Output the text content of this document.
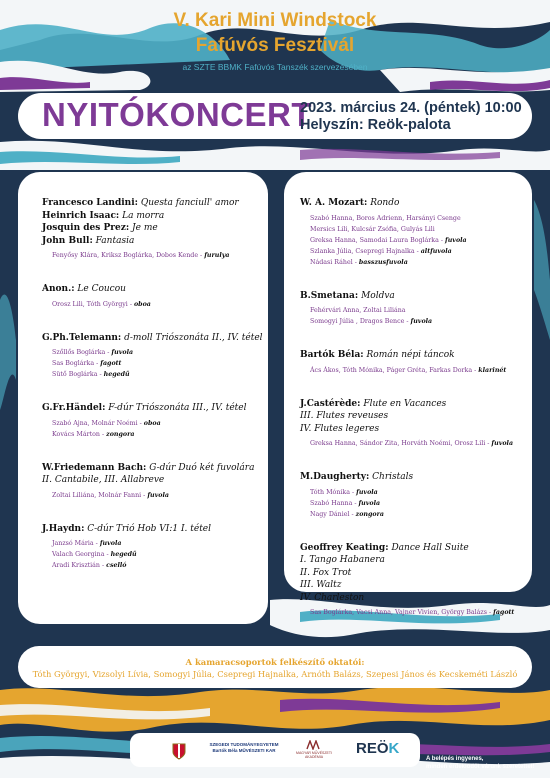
V. Kari Mini Windstock
Fafúvós Fesztivál
az SZTE BBMK Fafúvós Tanszék szervezésében
NYITÓKONCERT
2023. március 24. (péntek) 10:00
Helyszín: Reök-palota
Francesco Landini: Questa fanciull' amor
Heinrich Isaac: La morra
Josquin des Prez: Je me
John Bull: Fantasia
Fenyősy Klára, Kriksz Boglárka, Dobos Kende - furulya
Anon.: Le Coucou
Orosz Lili, Tóth Györgyi - oboa
G.Ph.Telemann: d-moll Triószonáta II., IV. tétel
Szőllős Boglárka - fuvola
Sas Boglárka - fagott
Sütő Boglárka - hegedű
G.Fr.Händel: F-dúr Triószonáta III., IV. tétel
Szabó Ajna, Molnár Noémi - oboa
Kovács Márton - zongora
W.Friedemann Bach: G-dúr Duó két fuvolára
II. Cantabile, III. Allabreve
Zoltai Liliána, Molnár Fanni - fuvola
J.Haydn: C-dúr Trió Hob VI:1 I. tétel
Janzsó Mária - fuvola
Valach Georgina - hegedű
Aradi Krisztián - cselló
W. A. Mozart: Rondo
Szabó Hanna, Boros Adrienn, Harsányi Csenge
Mersics Lili, Kulcsár Zsófia, Gulyás Lili
Greksa Hanna, Samodai Laura Boglárka - fuvola
Szlanka Júlia, Csepregi Hajnalka - altfuvola
Nádasi Ráhel - basszusfuvola
B.Smetana: Moldva
Fehérvári Anna, Zoltai Liliána
Somogyi Júlia , Dragos Bence - fuvola
Bartók Béla: Román népi táncok
Ács Ákos, Tóth Mónika, Páger Gréta, Farkas Dorka - klarinét
J.Castérède: Flute en Vacances
III. Flutes reveuses
IV. Flutes legeres
Greksa Hanna, Sándor Zita, Horváth Noémi, Orosz Lili - fuvola
M.Daugherty: Christals
Tóth Mónika - fuvola
Szabó Hanna - fuvola
Nagy Dániel - zongora
Geoffrey Keating: Dance Hall Suite
I. Tango Habanera
II. Fox Trot
III. Waltz
IV. Charleston
Sas Boglárka, Vacsi Anna, Vajner Vivien, György Balázs - fagott
A kamaracsoportok felkészítő oktatói:
Tóth Györgyi, Vizsolyi Lívia, Somogyi Júlia, Csepregi Hajnalka, Arnóth Balázs, Szepesi János és Kecskeméti László
SZEGEDI TUDOMÁNYEGYETEM Bartók Béla MŰVÉSZETI KAR	MAGYAR MŰVÉSZETI AKADÉMIA	REÖK
A belépés ingyenes,
minden érdeklődőt várunk szeretettel!
